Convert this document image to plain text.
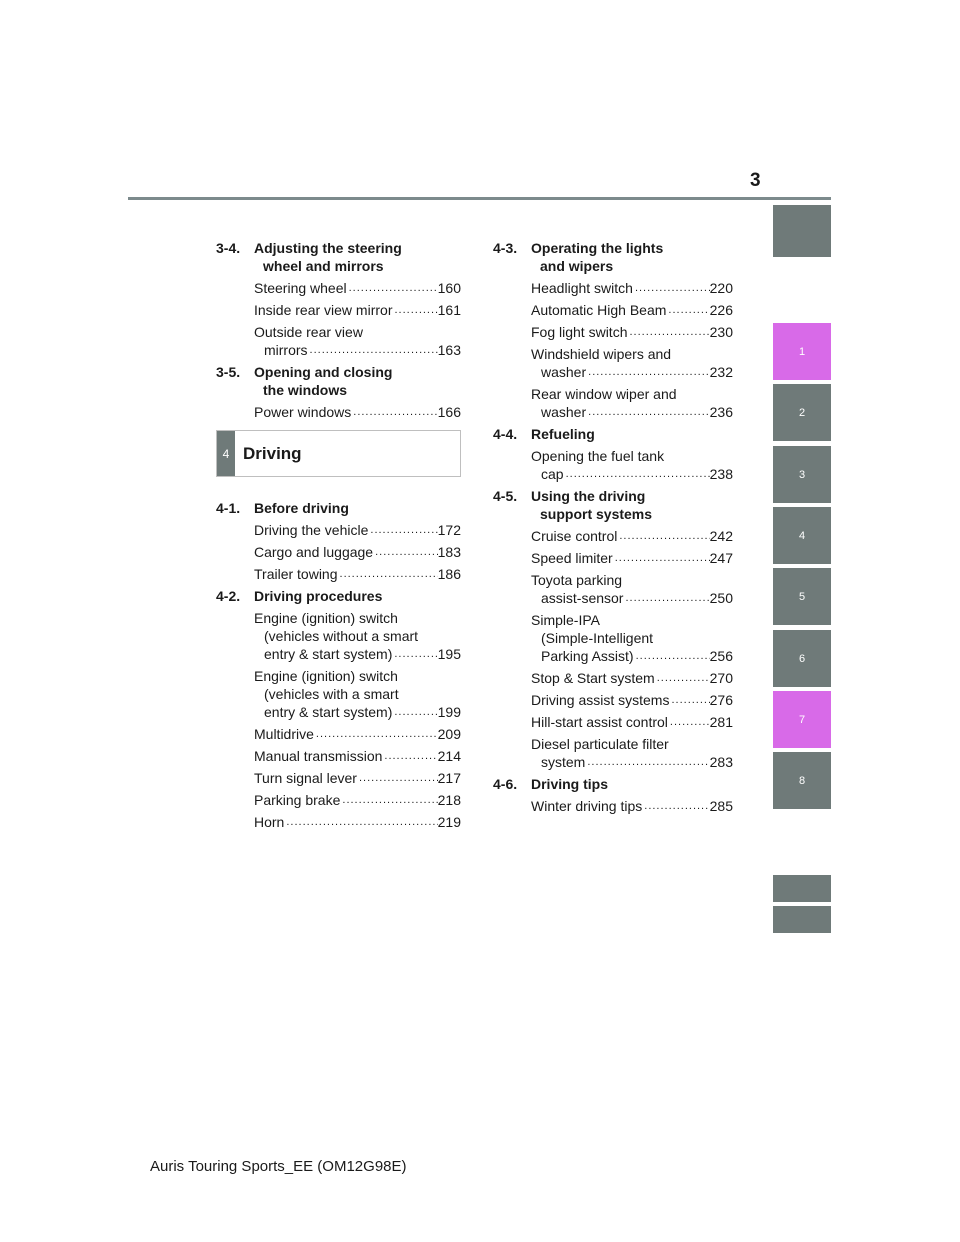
3
1
2
3
4
5
6
7
8
3-4. Adjusting the steering
wheel and mirrors
Steering wheel .....	160
Inside rear view mirror .....	161
Outside rear view
mirrors .....	163
3-5. Opening and closing
the windows
Power windows .....	166
4 Driving
4-1. Before driving
Driving the vehicle .....	172
Cargo and luggage .....	183
Trailer towing .....	186
4-2. Driving procedures
Engine (ignition) switch
(vehicles without a smart
entry & start system) .....	195
Engine (ignition) switch
(vehicles with a smart
entry & start system) .....	199
Multidrive .....	209
Manual transmission .....	214
Turn signal lever .....	217
Parking brake .....	218
Horn .....	219
4-3. Operating the lights
and wipers
Headlight switch .....	220
Automatic High Beam .....	226
Fog light switch .....	230
Windshield wipers and
washer .....	232
Rear window wiper and
washer .....	236
4-4. Refueling
Opening the fuel tank
cap .....	238
4-5. Using the driving
support systems
Cruise control .....	242
Speed limiter .....	247
Toyota parking
assist-sensor .....	250
Simple-IPA
(Simple-Intelligent
Parking Assist) .....	256
Stop & Start system .....	270
Driving assist systems .....	276
Hill-start assist control .....	281
Diesel particulate filter
system .....	283
4-6. Driving tips
Winter driving tips .....	285
Auris Touring Sports_EE (OM12G98E)
